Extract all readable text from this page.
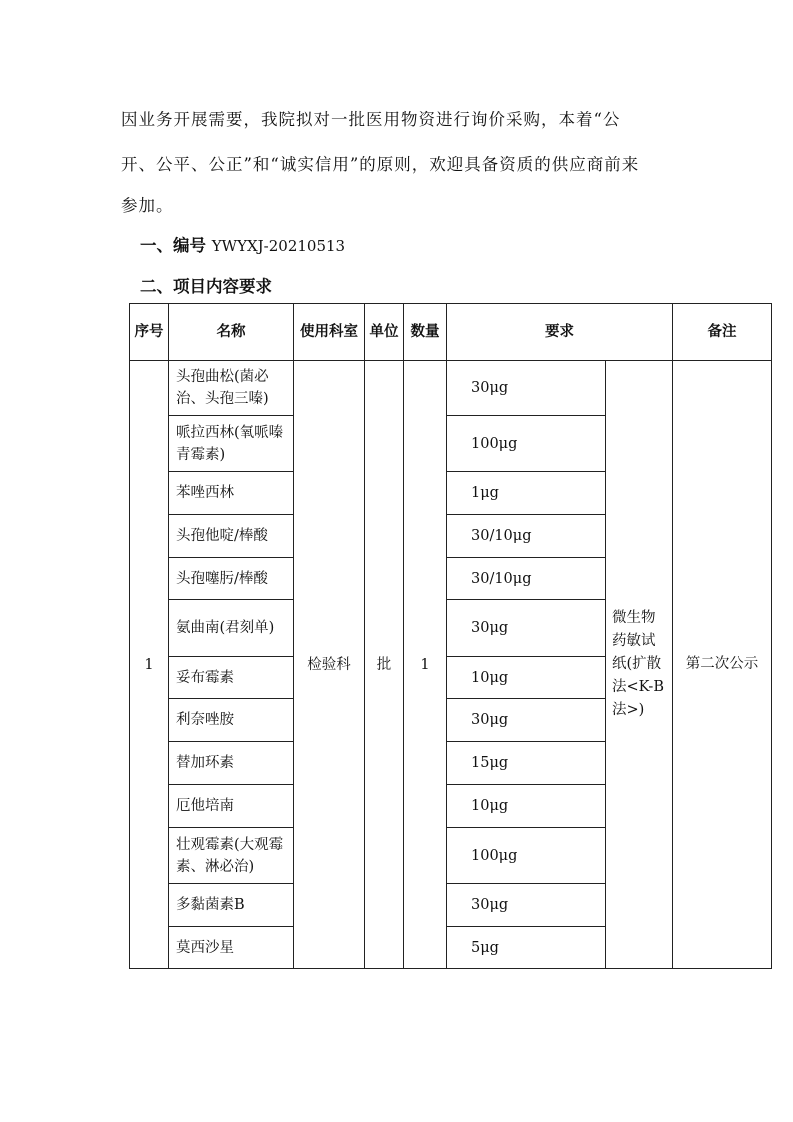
因业务开展需要，我院拟对一批医用物资进行询价采购，本着“公
开、公平、公正”和“诚实信用”的原则，欢迎具备资质的供应商前来
参加。
一、编号 YWYXJ-20210513
二、项目内容要求
序号	名称	使用科室	单位	数量	要求		备注
1	头孢曲松(菌必治、头孢三嗪)	检验科	批	1	30μg	微生物药敏试纸(扩散法<K-B法>)	第二次公示
	哌拉西林(氧哌嗪青霉素)				100μg		
	苯唑西林				1μg		
	头孢他啶/棒酸				30/10μg		
	头孢噻肟/棒酸				30/10μg		
	氨曲南(君刻单)				30μg		
	妥布霉素				10μg		
	利奈唑胺				30μg		
	替加环素				15μg		
	厄他培南				10μg		
	壮观霉素(大观霉素、淋必治)				100μg		
	多黏菌素B				30μg		
	莫西沙星				5μg		
